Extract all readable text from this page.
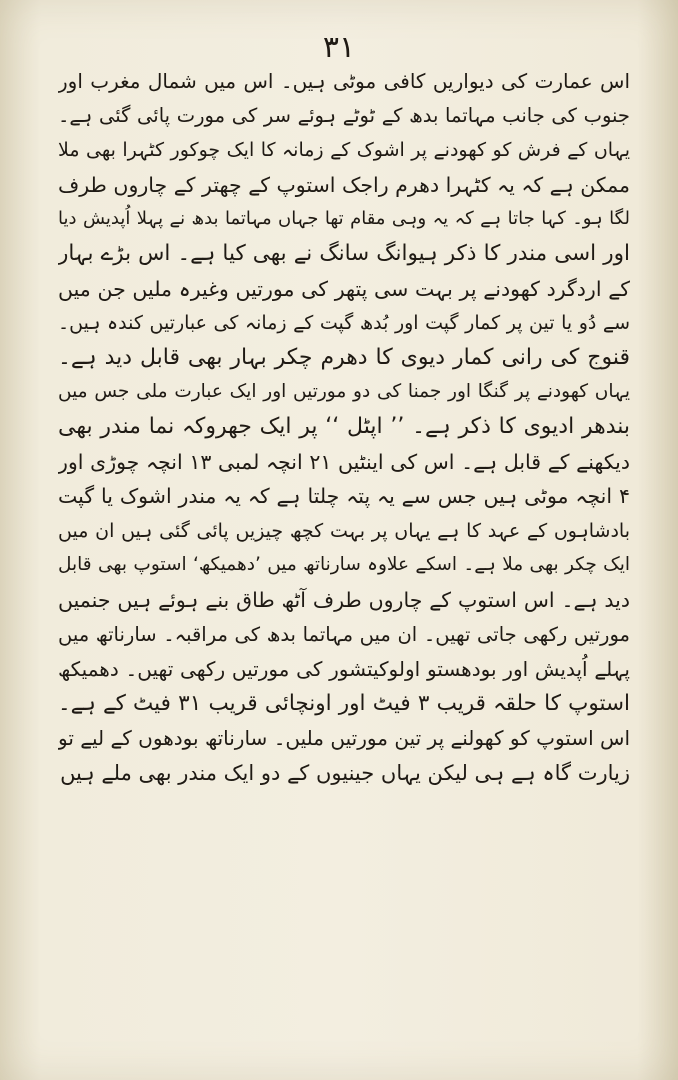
۳۱
اس عمارت کی دیواریں کافی موٹی ہیں۔ اس میں شمال مغرب اور
جنوب کی جانب مہاتما بدھ کے ٹوٹے ہوئے سر کی مورت پائی گئی ہے۔
یہاں کے فرش کو کھودنے پر اشوک کے زمانہ کا ایک چوکور کٹہرا بھی ملا
ممکن ہے کہ یہ کٹہرا دھرم راجک استوپ کے چھتر کے چاروں طرف
لگا ہو۔ کہا جاتا ہے کہ یہ وہی مقام تھا جہاں مہاتما بدھ نے پہلا اُپدیش دیا
اور اسی مندر کا ذکر ہیوانگ سانگ نے بھی کیا ہے۔ اس بڑے بہار
کے اردگرد کھودنے پر بہت سی پتھر کی مورتیں وغیرہ ملیں جن میں
سے دُو یا تین پر کمار گپت اور بُدھ گپت کے زمانہ کی عبارتیں کندہ ہیں۔
قنوج کی رانی کمار دیوی کا دھرم چکر بہار بھی قابل دید ہے۔
یہاں کھودنے پر گنگا اور جمنا کی دو مورتیں اور ایک عبارت ملی جس میں
بندھر ادیوی کا ذکر ہے۔ ’’ اپٹل ‘‘ پر ایک جھروکہ نما مندر بھی
دیکھنے کے قابل ہے۔ اس کی اینٹیں ۲۱ انچہ لمبی ۱۳ انچہ چوڑی اور
۴ انچہ موٹی ہیں جس سے یہ پتہ چلتا ہے کہ یہ مندر اشوک یا گپت
بادشاہوں کے عہد کا ہے یہاں پر بہت کچھ چیزیں پائی گئی ہیں ان میں
ایک چکر بھی ملا ہے۔ اسکے علاوہ سارناتھ میں ’دھمیکھ‘ استوپ بھی قابل
دید ہے۔ اس استوپ کے چاروں طرف آٹھ طاق بنے ہوئے ہیں جنمیں
مورتیں رکھی جاتی تھیں۔ ان میں مہاتما بدھ کی مراقبہ۔ سارناتھ میں
پہلے اُپدیش اور بودھستو اولوکیتشور کی مورتیں رکھی تھیں۔ دھمیکھ
استوپ کا حلقہ قریب ۳ فیٹ اور اونچائی قریب ۳۱ فیٹ کے ہے۔
اس استوپ کو کھولنے پر تین مورتیں ملیں۔ سارناتھ بودھوں کے لیے تو
زیارت گاہ ہے ہی لیکن یہاں جینیوں کے دو ایک مندر بھی ملے ہیں
